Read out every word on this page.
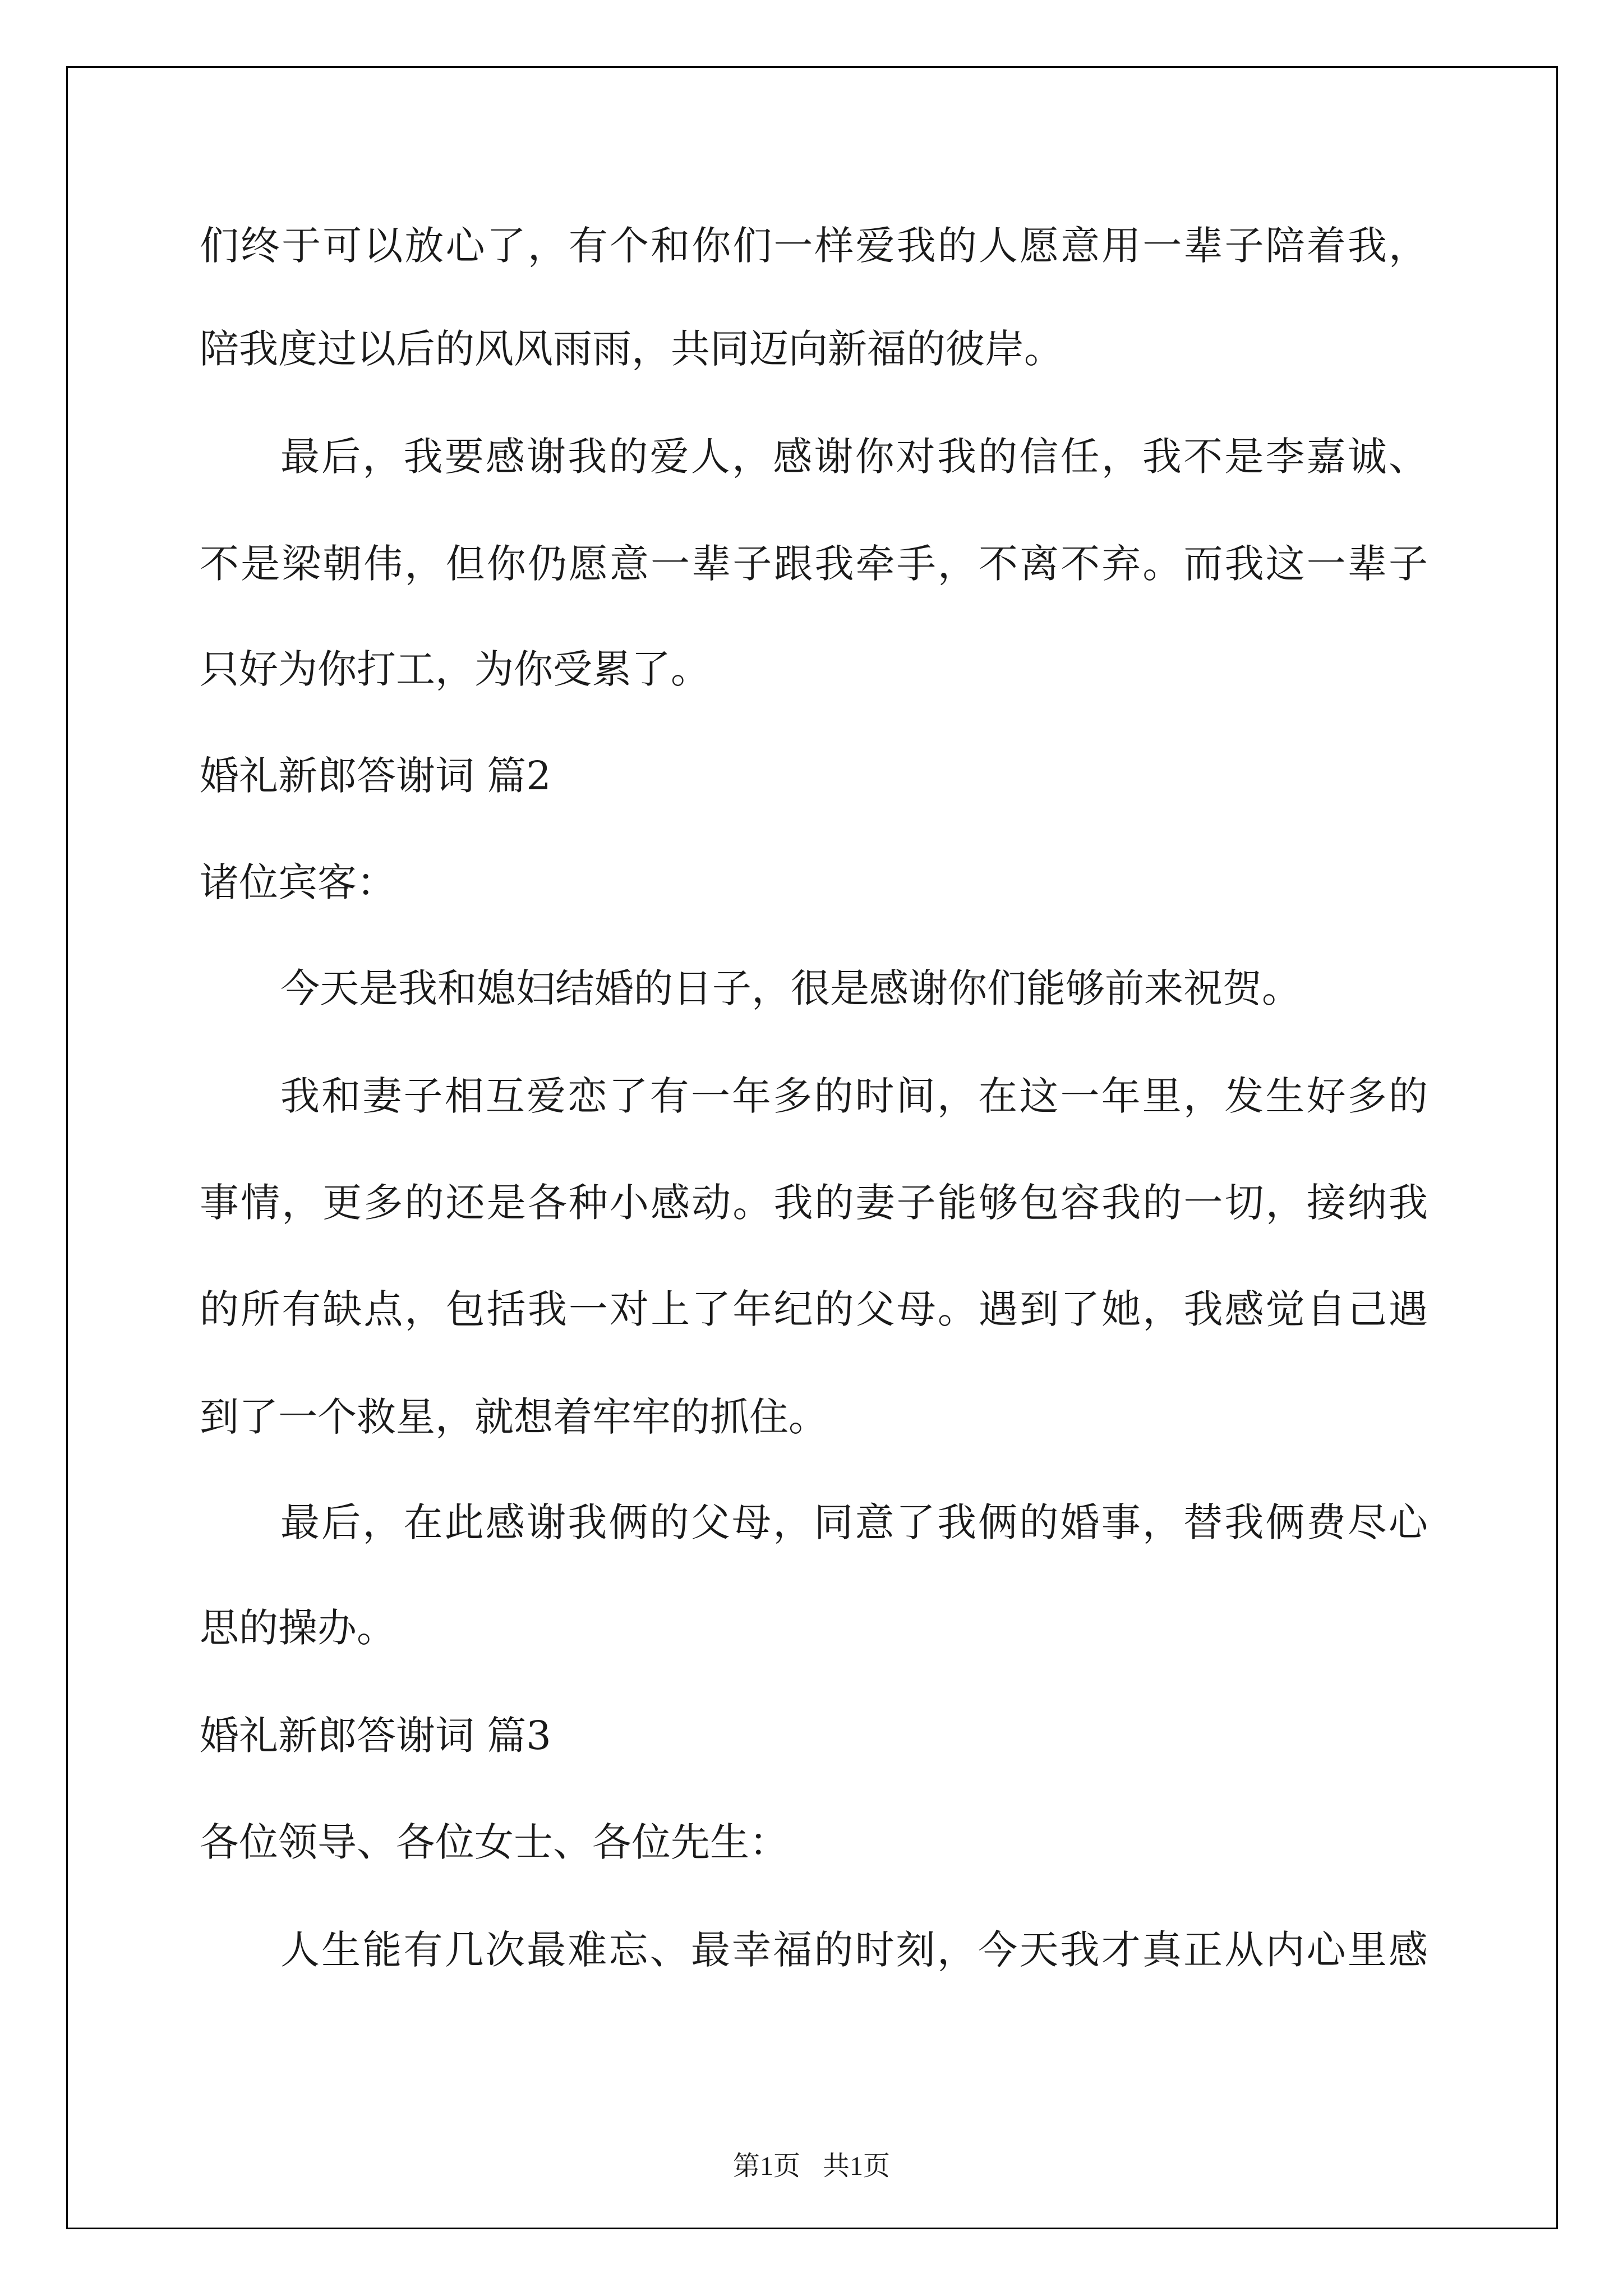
们终于可以放心了，有个和你们一样爱我的人愿意用一辈子陪着我，

陪我度过以后的风风雨雨，共同迈向新福的彼岸。

最后，我要感谢我的爱人，感谢你对我的信任，我不是李嘉诚、

不是梁朝伟，但你仍愿意一辈子跟我牵手，不离不弃。而我这一辈子

只好为你打工，为你受累了。

婚礼新郎答谢词 篇2

诸位宾客：

今天是我和媳妇结婚的日子，很是感谢你们能够前来祝贺。

我和妻子相互爱恋了有一年多的时间，在这一年里，发生好多的

事情，更多的还是各种小感动。我的妻子能够包容我的一切，接纳我

的所有缺点，包括我一对上了年纪的父母。遇到了她，我感觉自己遇

到了一个救星，就想着牢牢的抓住。

最后，在此感谢我俩的父母，同意了我俩的婚事，替我俩费尽心

思的操办。

婚礼新郎答谢词 篇3

各位领导、各位女士、各位先生：

人生能有几次最难忘、最幸福的时刻，今天我才真正从内心里感

第1页 共1页
